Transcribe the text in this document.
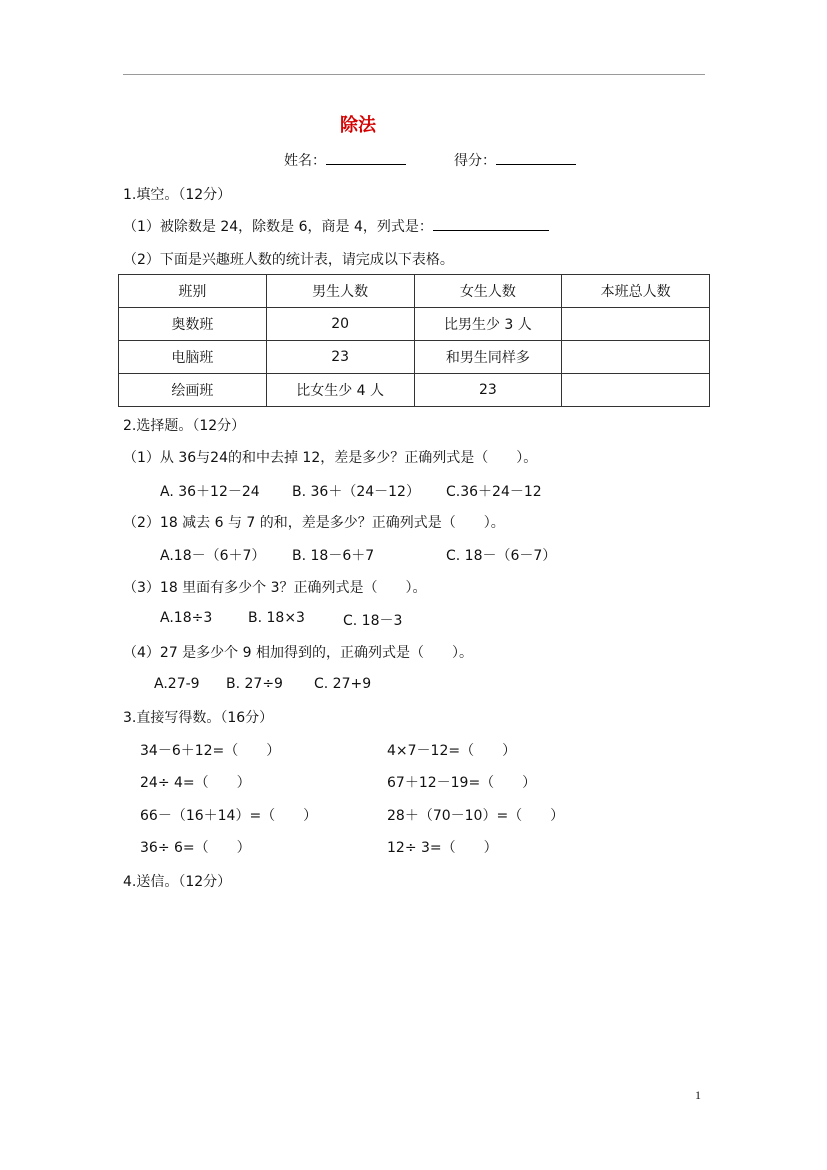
除法
姓名：	得分：
1.填空。（12分）
（1）被除数是 24，除数是 6，商是 4，列式是：
（2）下面是兴趣班人数的统计表，请完成以下表格。
班别	男生人数	女生人数	本班总人数
奥数班	20	比男生少 3 人	
电脑班	23	和男生同样多	
绘画班	比女生少 4 人	23	
2.选择题。（12分）
（1）从 36与24的和中去掉 12，差是多少？正确列式是（　　）。
A. 36＋12－24 B. 36＋（24－12） C.36＋24－12
（2）18 减去 6 与 7 的和，差是多少？正确列式是（　　）。
A.18－（6＋7） B. 18－6＋7	C. 18－（6－7）
（3）18 里面有多少个 3？正确列式是（　　）。
A.18÷3	B. 18×3	C. 18－3
（4）27 是多少个 9 相加得到的，正确列式是（　　）。
A.27-9 B. 27÷9 C. 27+9
3.直接写得数。（16分）
34－6＋12=（　　）	4×7－12=（　　）
24÷ 4=（　　）	67＋12－19=（　　）
66－（16＋14）=（　　）	28＋（70－10）=（　　）
36÷ 6=（　　）	12÷ 3=（　　）
4.送信。（12分）
1
